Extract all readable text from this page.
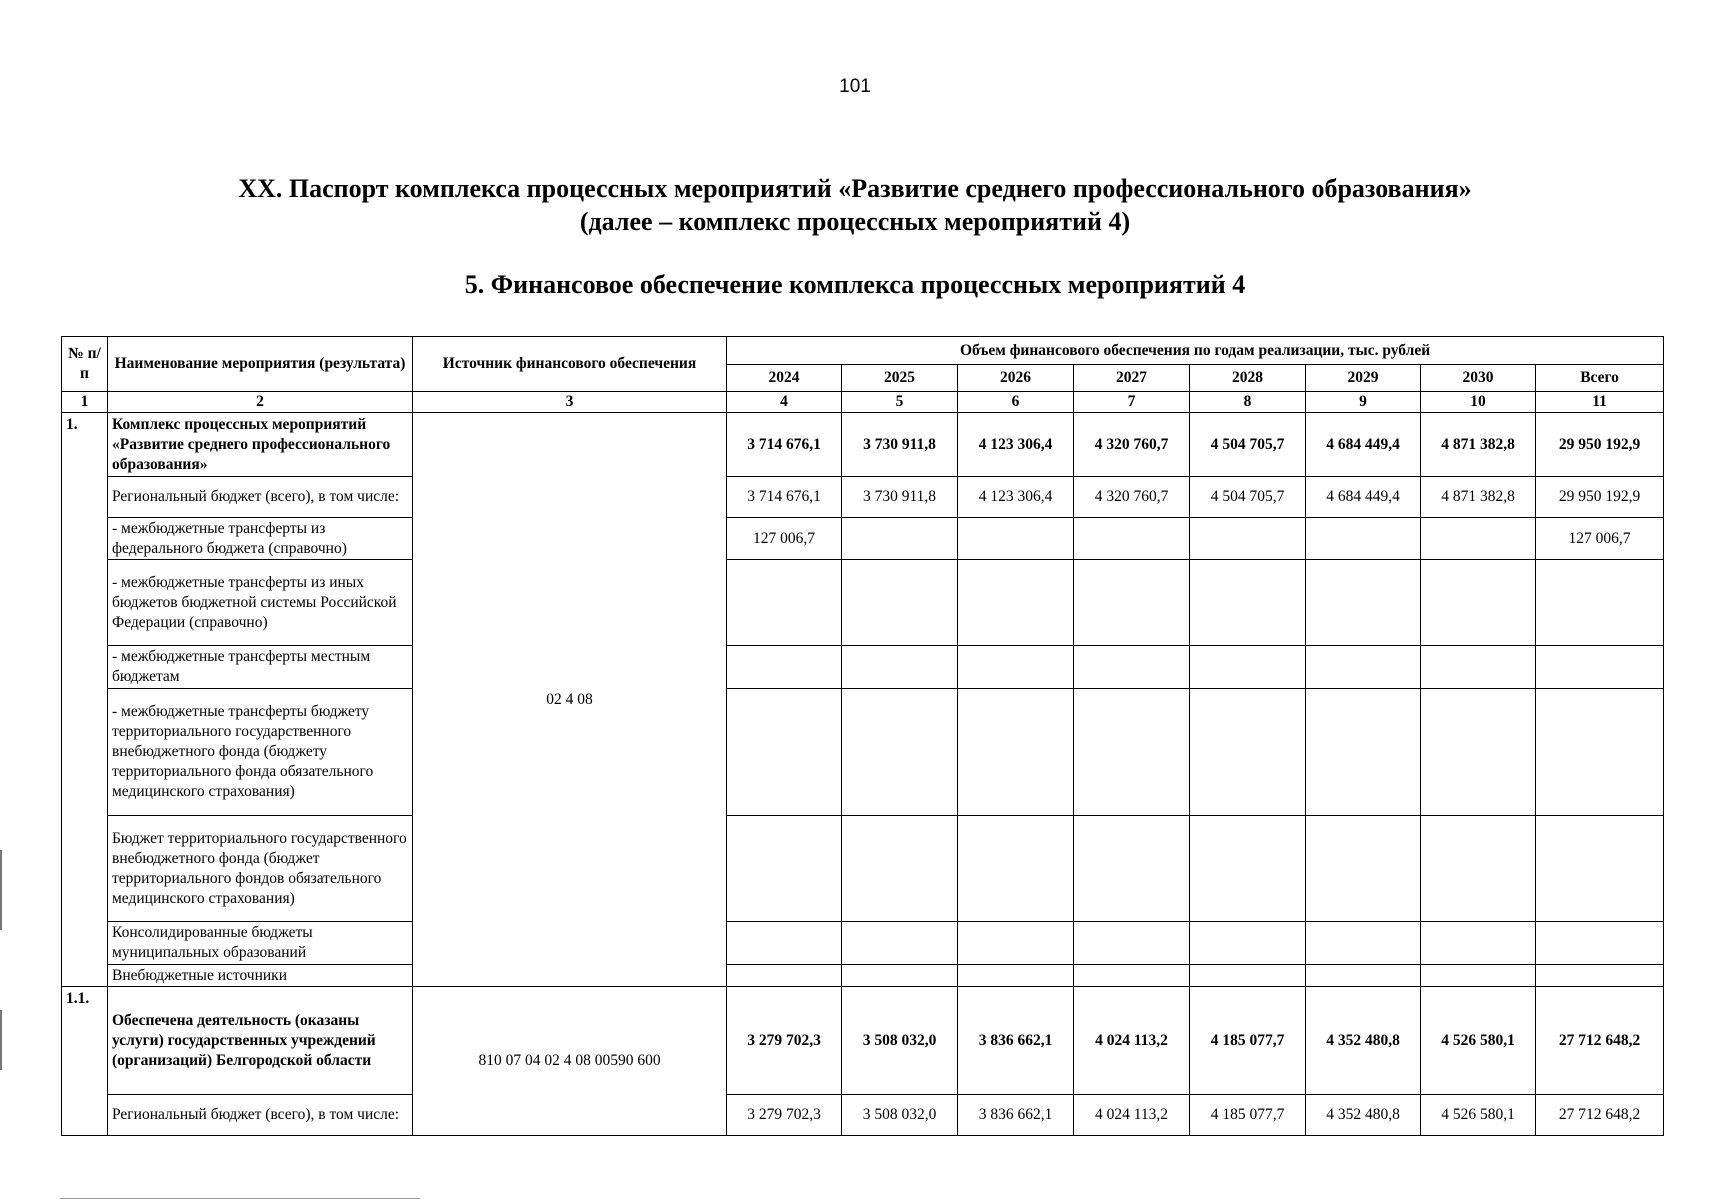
101
XX. Паспорт комплекса процессных мероприятий «Развитие среднего профессионального образования»
(далее – комплекс процессных мероприятий 4)
5. Финансовое обеспечение комплекса процессных мероприятий 4
№ п/п	Наименование мероприятия (результата)	Источник финансового обеспечения	Объем финансового обеспечения по годам реализации, тыс. рублей							
			2024	2025	2026	2027	2028	2029	2030	Всего
1	2	3	4	5	6	7	8	9	10	11
1.	Комплекс процессных мероприятий «Развитие среднего профессионального образования»	02 4 08	3 714 676,1	3 730 911,8	4 123 306,4	4 320 760,7	4 504 705,7	4 684 449,4	4 871 382,8	29 950 192,9
	Региональный бюджет (всего), в том числе:		3 714 676,1	3 730 911,8	4 123 306,4	4 320 760,7	4 504 705,7	4 684 449,4	4 871 382,8	29 950 192,9
	- межбюджетные трансферты из федерального бюджета (справочно)		127 006,7							127 006,7
	- межбюджетные трансферты из иных бюджетов бюджетной системы Российской Федерации (справочно)									
	- межбюджетные трансферты местным бюджетам									
	- межбюджетные трансферты бюджету территориального государственного внебюджетного фонда (бюджету территориального фонда обязательного медицинского страхования)									
	Бюджет территориального государственного внебюджетного фонда (бюджет территориального фондов обязательного медицинского страхования)									
	Консолидированные бюджеты муниципальных образований									
	Внебюджетные источники									
1.1.	Обеспечена деятельность (оказаны услуги) государственных учреждений (организаций) Белгородской области	810 07 04 02 4 08 00590 600	3 279 702,3	3 508 032,0	3 836 662,1	4 024 113,2	4 185 077,7	4 352 480,8	4 526 580,1	27 712 648,2
	Региональный бюджет (всего), в том числе:		3 279 702,3	3 508 032,0	3 836 662,1	4 024 113,2	4 185 077,7	4 352 480,8	4 526 580,1	27 712 648,2
